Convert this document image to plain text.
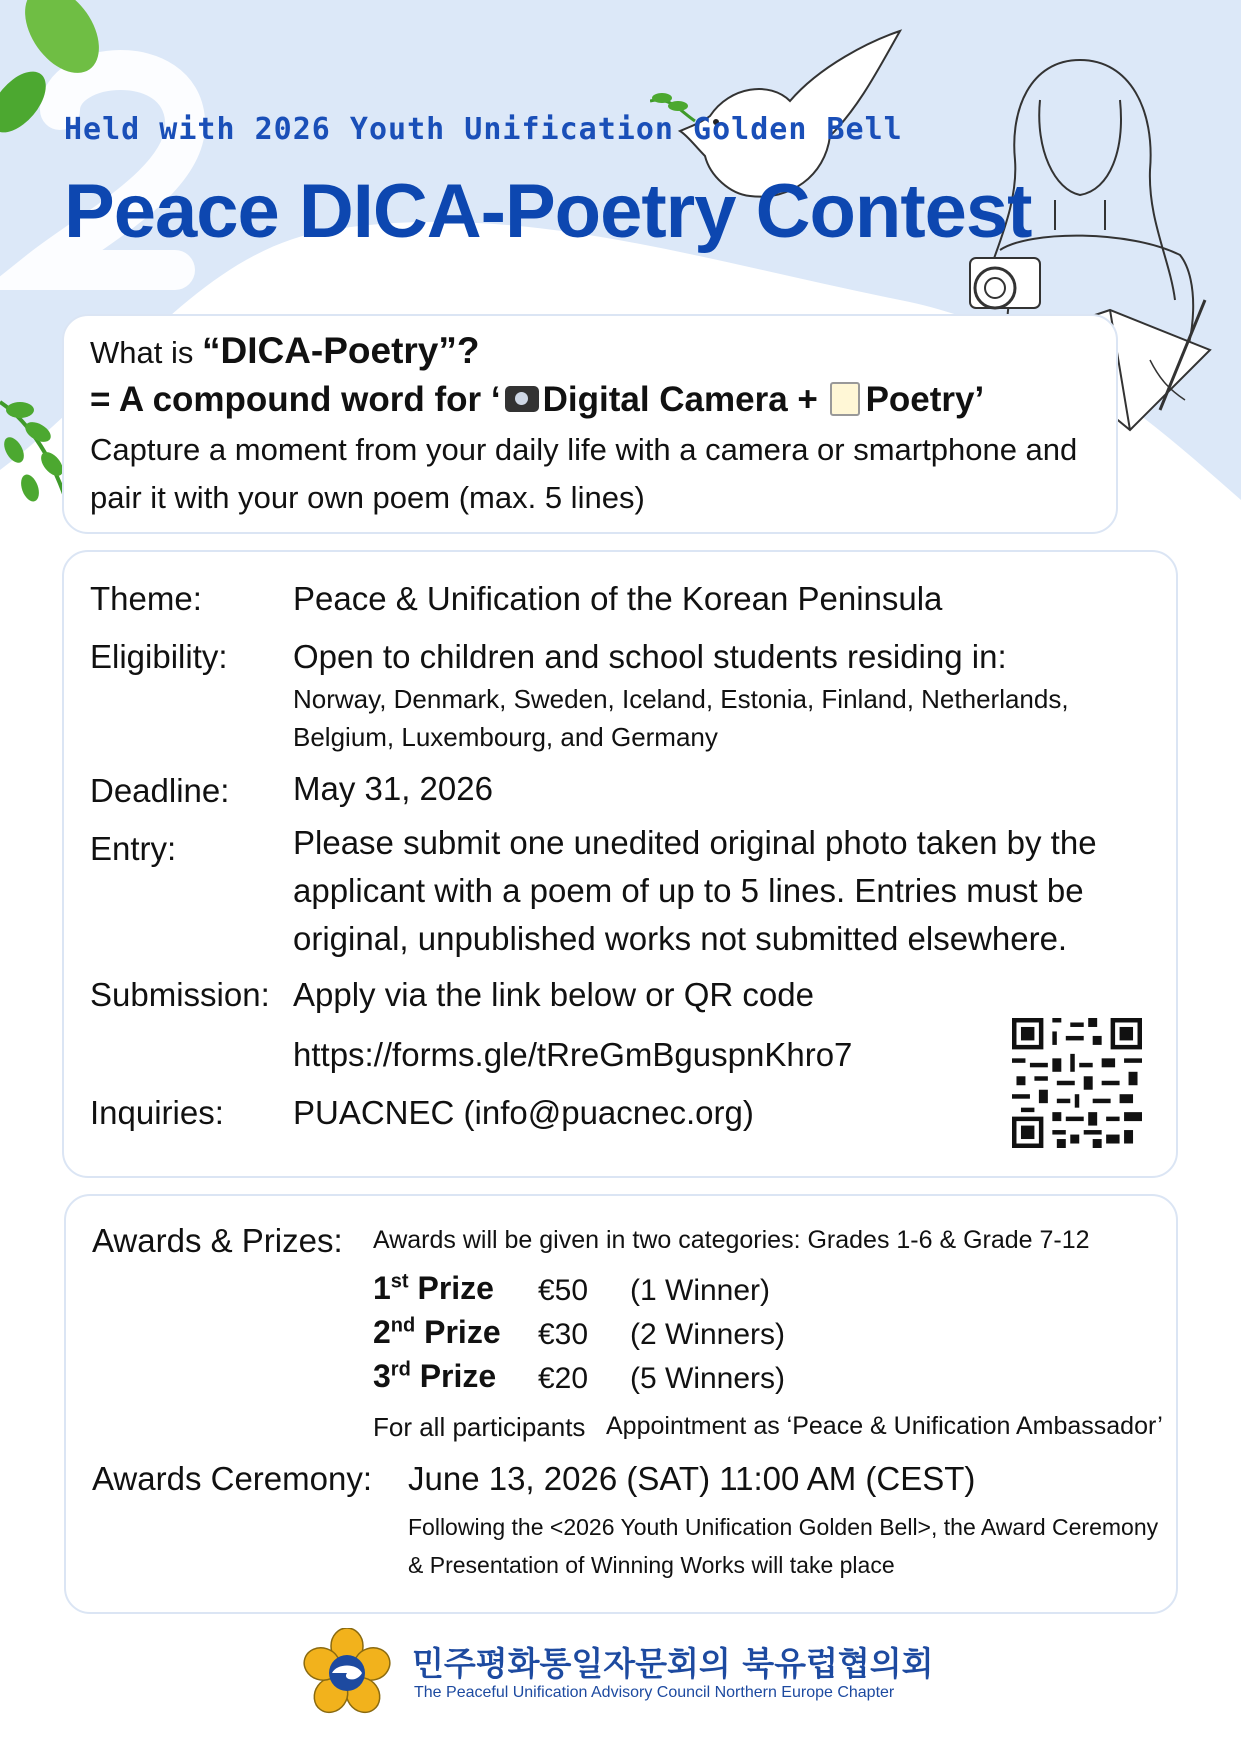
Held with 2026 Youth Unification Golden Bell
Peace DICA-Poetry Contest
What is “DICA-Poetry”?
= A compound word for ‘ Digital Camera + Poetry’
Capture a moment from your daily life with a camera or smartphone and
pair it with your own poem (max. 5 lines)
Theme:	Peace & Unification of the Korean Peninsula
Eligibility: Open to children and school students residing in:
Norway, Denmark, Sweden, Iceland, Estonia, Finland, Netherlands,
Belgium, Luxembourg, and Germany
Deadline: May 31, 2026
Entry:	Please submit one unedited original photo taken by the
applicant with a poem of up to 5 lines. Entries must be
original, unpublished works not submitted elsewhere.
Submission: Apply via the link below or QR code
https://forms.gle/tRreGmBguspnKhro7
Inquiries: PUACNEC (info@puacnec.org)
Awards & Prizes: Awards will be given in two categories: Grades 1-6 & Grade 7-12
1st Prize €50 (1 Winner)
2nd Prize €30 (2 Winners)
3rd Prize €20 (5 Winners)
For all participants Appointment as ‘Peace & Unification Ambassador’
Awards Ceremony: June 13, 2026 (SAT) 11:00 AM (CEST)
Following the <2026 Youth Unification Golden Bell>, the Award Ceremony
& Presentation of Winning Works will take place
민주평화통일자문회의 북유럽협의회
The Peaceful Unification Advisory Council Northern Europe Chapter
